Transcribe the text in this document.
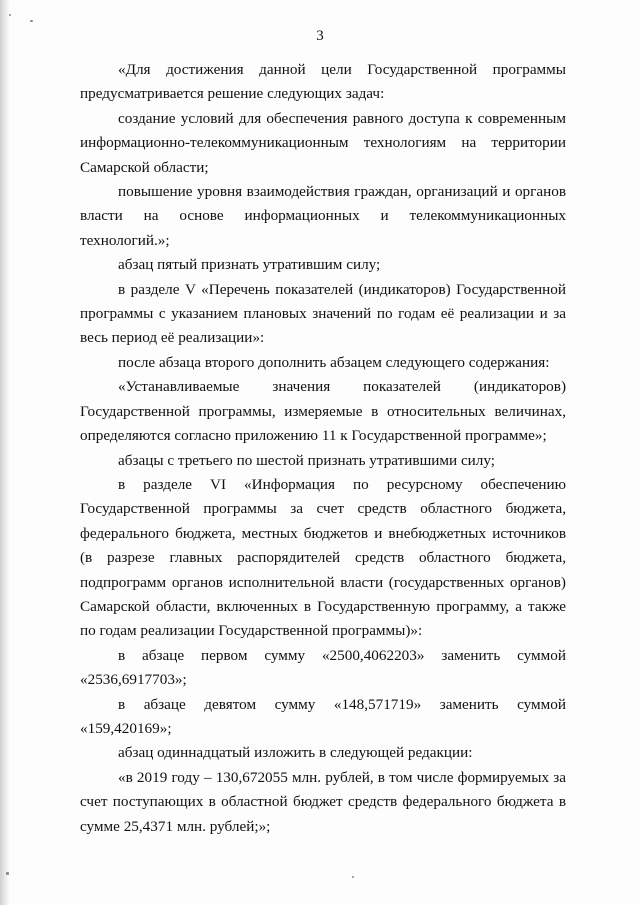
3

«Для достижения данной цели Государственной программы предусматривается решение следующих задач:

создание условий для обеспечения равного доступа к современным информационно-телекоммуникационным технологиям на территории Самарской области;

повышение уровня взаимодействия граждан, организаций и органов власти на основе информационных и телекоммуникационных технологий.»;

абзац пятый признать утратившим силу;

в разделе V «Перечень показателей (индикаторов) Государственной программы с указанием плановых значений по годам её реализации и за весь период её реализации»:

после абзаца второго дополнить абзацем следующего содержания:

«Устанавливаемые значения показателей (индикаторов) Государственной программы, измеряемые в относительных величинах, определяются согласно приложению 11 к Государственной программе»;

абзацы с третьего по шестой признать утратившими силу;

в разделе VI «Информация по ресурсному обеспечению Государственной программы за счет средств областного бюджета, федерального бюджета, местных бюджетов и внебюджетных источников (в разрезе главных распорядителей средств областного бюджета, подпрограмм органов исполнительной власти (государственных органов) Самарской области, включенных в Государственную программу, а также по годам реализации Государственной программы)»:

в абзаце первом сумму «2500,4062203» заменить суммой «2536,6917703»;

в абзаце девятом сумму «148,571719» заменить суммой «159,420169»;

абзац одиннадцатый изложить в следующей редакции:

«в 2019 году – 130,672055 млн. рублей, в том числе формируемых за счет поступающих в областной бюджет средств федерального бюджета в сумме 25,4371 млн. рублей;»;
